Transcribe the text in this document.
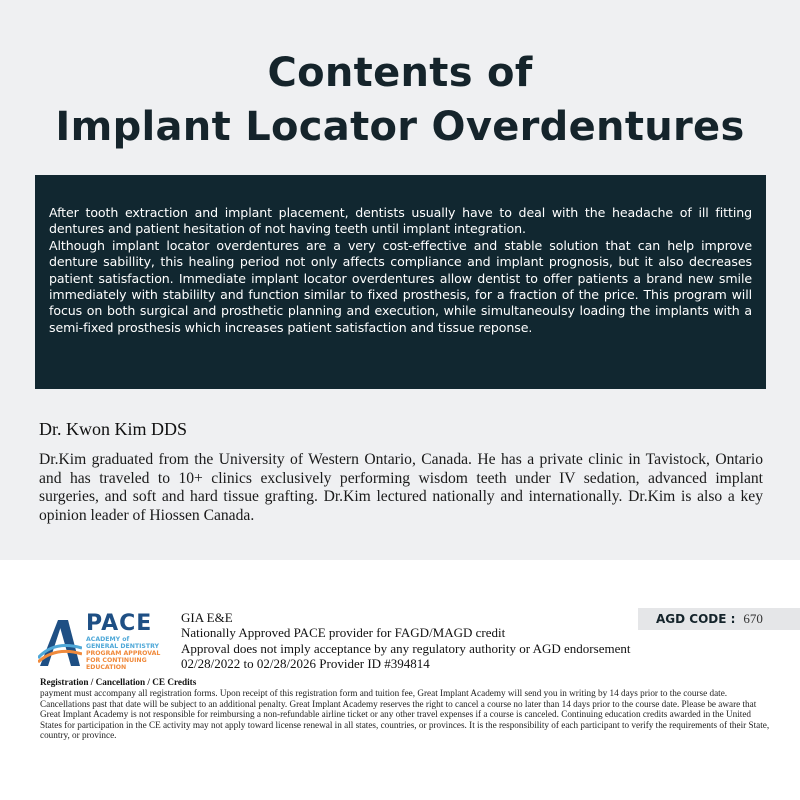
Contents of
Implant Locator Overdentures

After tooth extraction and implant placement, dentists usually have to deal with the headache of ill fitting dentures and patient hesitation of not having teeth until implant integration.

Although implant locator overdentures are a very cost-effective and stable solution that can help improve denture sabillity, this healing period not only affects compliance and implant prognosis, but it also decreases patient satisfaction. Immediate implant locator overdentures allow dentist to offer patients a brand new smile immediately with stabililty and function similar to fixed prosthesis, for a fraction of the price. This program will focus on both surgical and prosthetic planning and execution, while simultaneoulsy loading the implants with a semi-fixed prosthesis which increases patient satisfaction and tissue reponse.

Dr. Kwon Kim DDS
Dr.Kim graduated from the University of Western Ontario, Canada. He has a private clinic in Tavistock, Ontario and has traveled to 10+ clinics exclusively performing wisdom teeth under IV sedation, advanced implant surgeries, and soft and hard tissue grafting. Dr.Kim lectured nationally and internationally. Dr.Kim is also a key opinion leader of Hiossen Canada.
PACE
ACADEMY of
GENERAL DENTISTRY
PROGRAM APPROVAL
FOR CONTINUING
EDUCATION
GIA E&E
Nationally Approved PACE provider for FAGD/MAGD credit
Approval does not imply acceptance by any regulatory authority or AGD endorsement
02/28/2022 to 02/28/2026 Provider ID #394814
AGD CODE : 670
Registration / Cancellation / CE Credits
payment must accompany all registration forms. Upon receipt of this registration form and tuition fee, Great Implant Academy will send you in writing by 14 days prior to the course date.
Cancellations past that date will be subject to an additional penalty. Great Implant Academy reserves the right to cancel a course no later than 14 days prior to the course date. Please be aware that Great Implant Academy is not responsible for reimbursing a non-refundable airline ticket or any other travel expenses if a course is canceled. Continuing education credits awarded in the United States for participation in the CE activity may not apply toward license renewal in all states, countries, or provinces. It is the responsibility of each participant to verify the requirements of their State, country, or province.
